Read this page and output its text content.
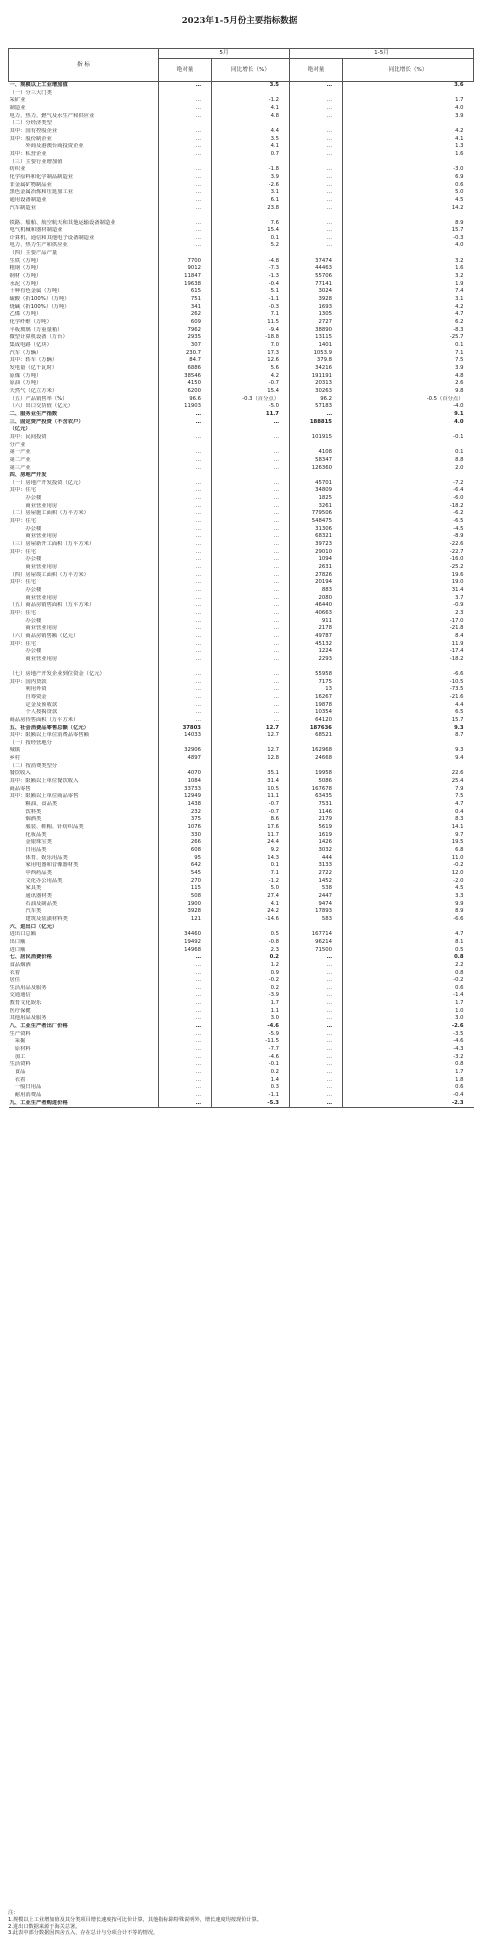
2023年1-5月份主要指标数据
指 标	5月		1-5月	
	绝对量	同比增长（%）	绝对量	同比增长（%）
一、规模以上工业增加值	…	3.5	…	3.6
（一）分三大门类				
采矿业	…	-1.2	…	1.7
制造业	…	4.1	…	4.0
电力、热力、燃气及水生产和供应业	…	4.8	…	3.9
（二）分经济类型				
其中：国有控股企业	…	4.4	…	4.2
其中：股份制企业	…	3.5	…	4.1
　　　外商及港澳台商投资企业	…	4.1	…	1.3
其中：私营企业	…	0.7	…	1.6
（三）主要行业增加值				
纺织业	…	-1.8	…	-3.0
化学原料和化学制品制造业	…	3.9	…	6.9
非金属矿物制品业	…	-2.6	…	0.6
黑色金属冶炼和压延加工业	…	3.1	…	5.0
通用设备制造业	…	6.1	…	4.5
汽车制造业	…	23.8	…	14.2
铁路、船舶、航空航天和其他运输设备制造业	…	7.6	…	8.9
电气机械和器材制造业	…	15.4	…	15.7
计算机、通信和其他电子设备制造业	…	0.1	…	-0.3
电力、热力生产和供应业	…	5.2	…	4.0
（四）主要产品产量				
生铁（万吨）	7700	-4.8	37474	3.2
粗钢（万吨）	9012	-7.3	44463	1.6
钢材（万吨）	11847	-1.3	55706	3.2
水泥（万吨）	19638	-0.4	77141	1.9
十种有色金属（万吨）	615	5.1	3024	7.4
硫酸（折100%）（万吨）	751	-1.1	3928	3.1
烧碱（折100%）（万吨）	341	-0.3	1693	4.2
乙烯（万吨）	262	7.1	1305	4.7
化学纤维（万吨）	609	11.5	2727	6.2
平板玻璃（万重量箱）	7962	-9.4	38890	-8.3
微型计算机设备（万台）	2935	-18.8	13115	-25.7
集成电路（亿块）	307	7.0	1401	0.1
汽车（万辆）	230.7	17.3	1053.9	7.1
其中：轿车（万辆）	84.7	12.6	379.8	7.5
发电量（亿千瓦时）	6886	5.6	34216	3.9
原煤（万吨）	38546	4.2	191191	4.8
原油（万吨）	4150	-0.7	20313	2.6
天然气（亿立方米）	6200	15.4	30263	9.8
（五）产品销售率（%）	96.6	-0.3（百分点）	96.2	-0.5（百分点）
（六）出口交货值（亿元）	11903	-5.0	57183	-4.0
二、服务业生产指数	…	11.7	…	9.1
三、固定资产投资（不含农户）	…	…	188815	4.0
（亿元）				
其中：民间投资	…	…	101915	-0.1
分产业				
第一产业	…	…	4108	0.1
第二产业	…	…	58347	8.8
第三产业	…	…	126360	2.0
四、房地产开发				
（一）房地产开发投资（亿元）	…	…	45701	-7.2
其中：住宅	…	…	34809	-6.4
　　　办公楼	…	…	1825	-6.0
　　　商业营业用房	…	…	3261	-18.2
（二）房屋施工面积（万平方米）	…	…	779506	-6.2
其中：住宅	…	…	548475	-6.5
　　　办公楼	…	…	31306	-4.5
　　　商业营业用房	…	…	68321	-8.9
（三）房屋新开工面积（万平方米）	…	…	39723	-22.6
其中：住宅	…	…	29010	-22.7
　　　办公楼	…	…	1094	-16.0
　　　商业营业用房	…	…	2631	-25.2
（四）房屋竣工面积（万平方米）	…	…	27826	19.6
其中：住宅	…	…	20194	19.0
　　　办公楼	…	…	883	31.4
　　　商业营业用房	…	…	2080	3.7
（五）商品房销售面积（万平方米）	…	…	46440	-0.9
其中：住宅	…	…	40663	2.3
　　　办公楼	…	…	911	-17.0
　　　商业营业用房	…	…	2178	-21.8
（六）商品房销售额（亿元）	…	…	49787	8.4
其中：住宅	…	…	45132	11.9
　　　办公楼	…	…	1224	-17.4
　　　商业营业用房	…	…	2293	-18.2
（七）房地产开发企业到位资金（亿元）	…	…	55958	-6.6
其中：国内贷款	…	…	7175	-10.5
　　　利用外资	…	…	13	-73.5
　　　自筹资金	…	…	16267	-21.6
　　　定金及预收款	…	…	19878	4.4
　　　个人按揭贷款	…	…	10354	6.5
商品房待售面积（万平方米）	…	…	64120	15.7
五、社会消费品零售总额（亿元）	37803	12.7	187636	9.3
其中：限额以上单位消费品零售额	14033	12.7	68521	8.7
（一）按经营地分				
城镇	32906	12.7	162968	9.3
乡村	4897	12.8	24668	9.4
（二）按消费类型分				
餐饮收入	4070	35.1	19958	22.6
其中：限额以上单位餐饮收入	1084	31.4	5086	25.4
商品零售	33733	10.5	167678	7.9
其中：限额以上单位商品零售	12949	11.1	63435	7.5
　　　粮油、食品类	1438	-0.7	7531	4.7
　　　饮料类	232	-0.7	1146	0.4
　　　烟酒类	375	8.6	2179	8.3
　　　服装、鞋帽、针纺织品类	1076	17.6	5619	14.1
　　　化妆品类	330	11.7	1619	9.7
　　　金银珠宝类	266	24.4	1426	19.5
　　　日用品类	608	9.2	3032	6.8
　　　体育、娱乐用品类	95	14.3	444	11.0
　　　家用电器和音像器材类	642	0.1	3133	-0.2
　　　中西药品类	545	7.1	2722	12.0
　　　文化办公用品类	270	-1.2	1452	-2.0
　　　家具类	115	5.0	538	4.5
　　　通讯器材类	508	27.4	2447	3.3
　　　石油及制品类	1900	4.1	9474	9.9
　　　汽车类	3928	24.2	17893	8.9
　　　建筑及装潢材料类	121	-14.6	583	-6.6
六、进出口（亿元）				
进出口总额	34460	0.5	167714	4.7
出口额	19492	-0.8	96214	8.1
进口额	14968	2.3	71500	0.5
七、居民消费价格	…	0.2	…	0.8
食品烟酒	…	1.2	…	2.2
衣着	…	0.9	…	0.8
居住	…	-0.2	…	-0.2
生活用品及服务	…	0.2	…	0.6
交通通信	…	-3.9	…	-1.4
教育文化娱乐	…	1.7	…	1.7
医疗保健	…	1.1	…	1.0
其他用品及服务	…	3.0	…	3.0
八、工业生产者出厂价格	…	-4.6	…	-2.6
生产资料	…	-5.9	…	-3.5
　采掘	…	-11.5	…	-4.6
　原材料	…	-7.7	…	-4.3
　加工	…	-4.6	…	-3.2
生活资料	…	-0.1	…	0.8
　食品	…	0.2	…	1.7
　衣着	…	1.4	…	1.8
　一般日用品	…	0.3	…	0.6
　耐用消费品	…	-1.1	…	-0.4
九、工业生产者购进价格	…	-5.3	…	-2.3
注：
1.规模以上工业增加值及其分类项目增长速度按可比价计算，其他指标除特殊说明外，增长速度均按现价计算。
2.进出口数据来源于海关总署。
3.此表中部分数据因四舍五入，存在总计与分项合计不等的情况。
